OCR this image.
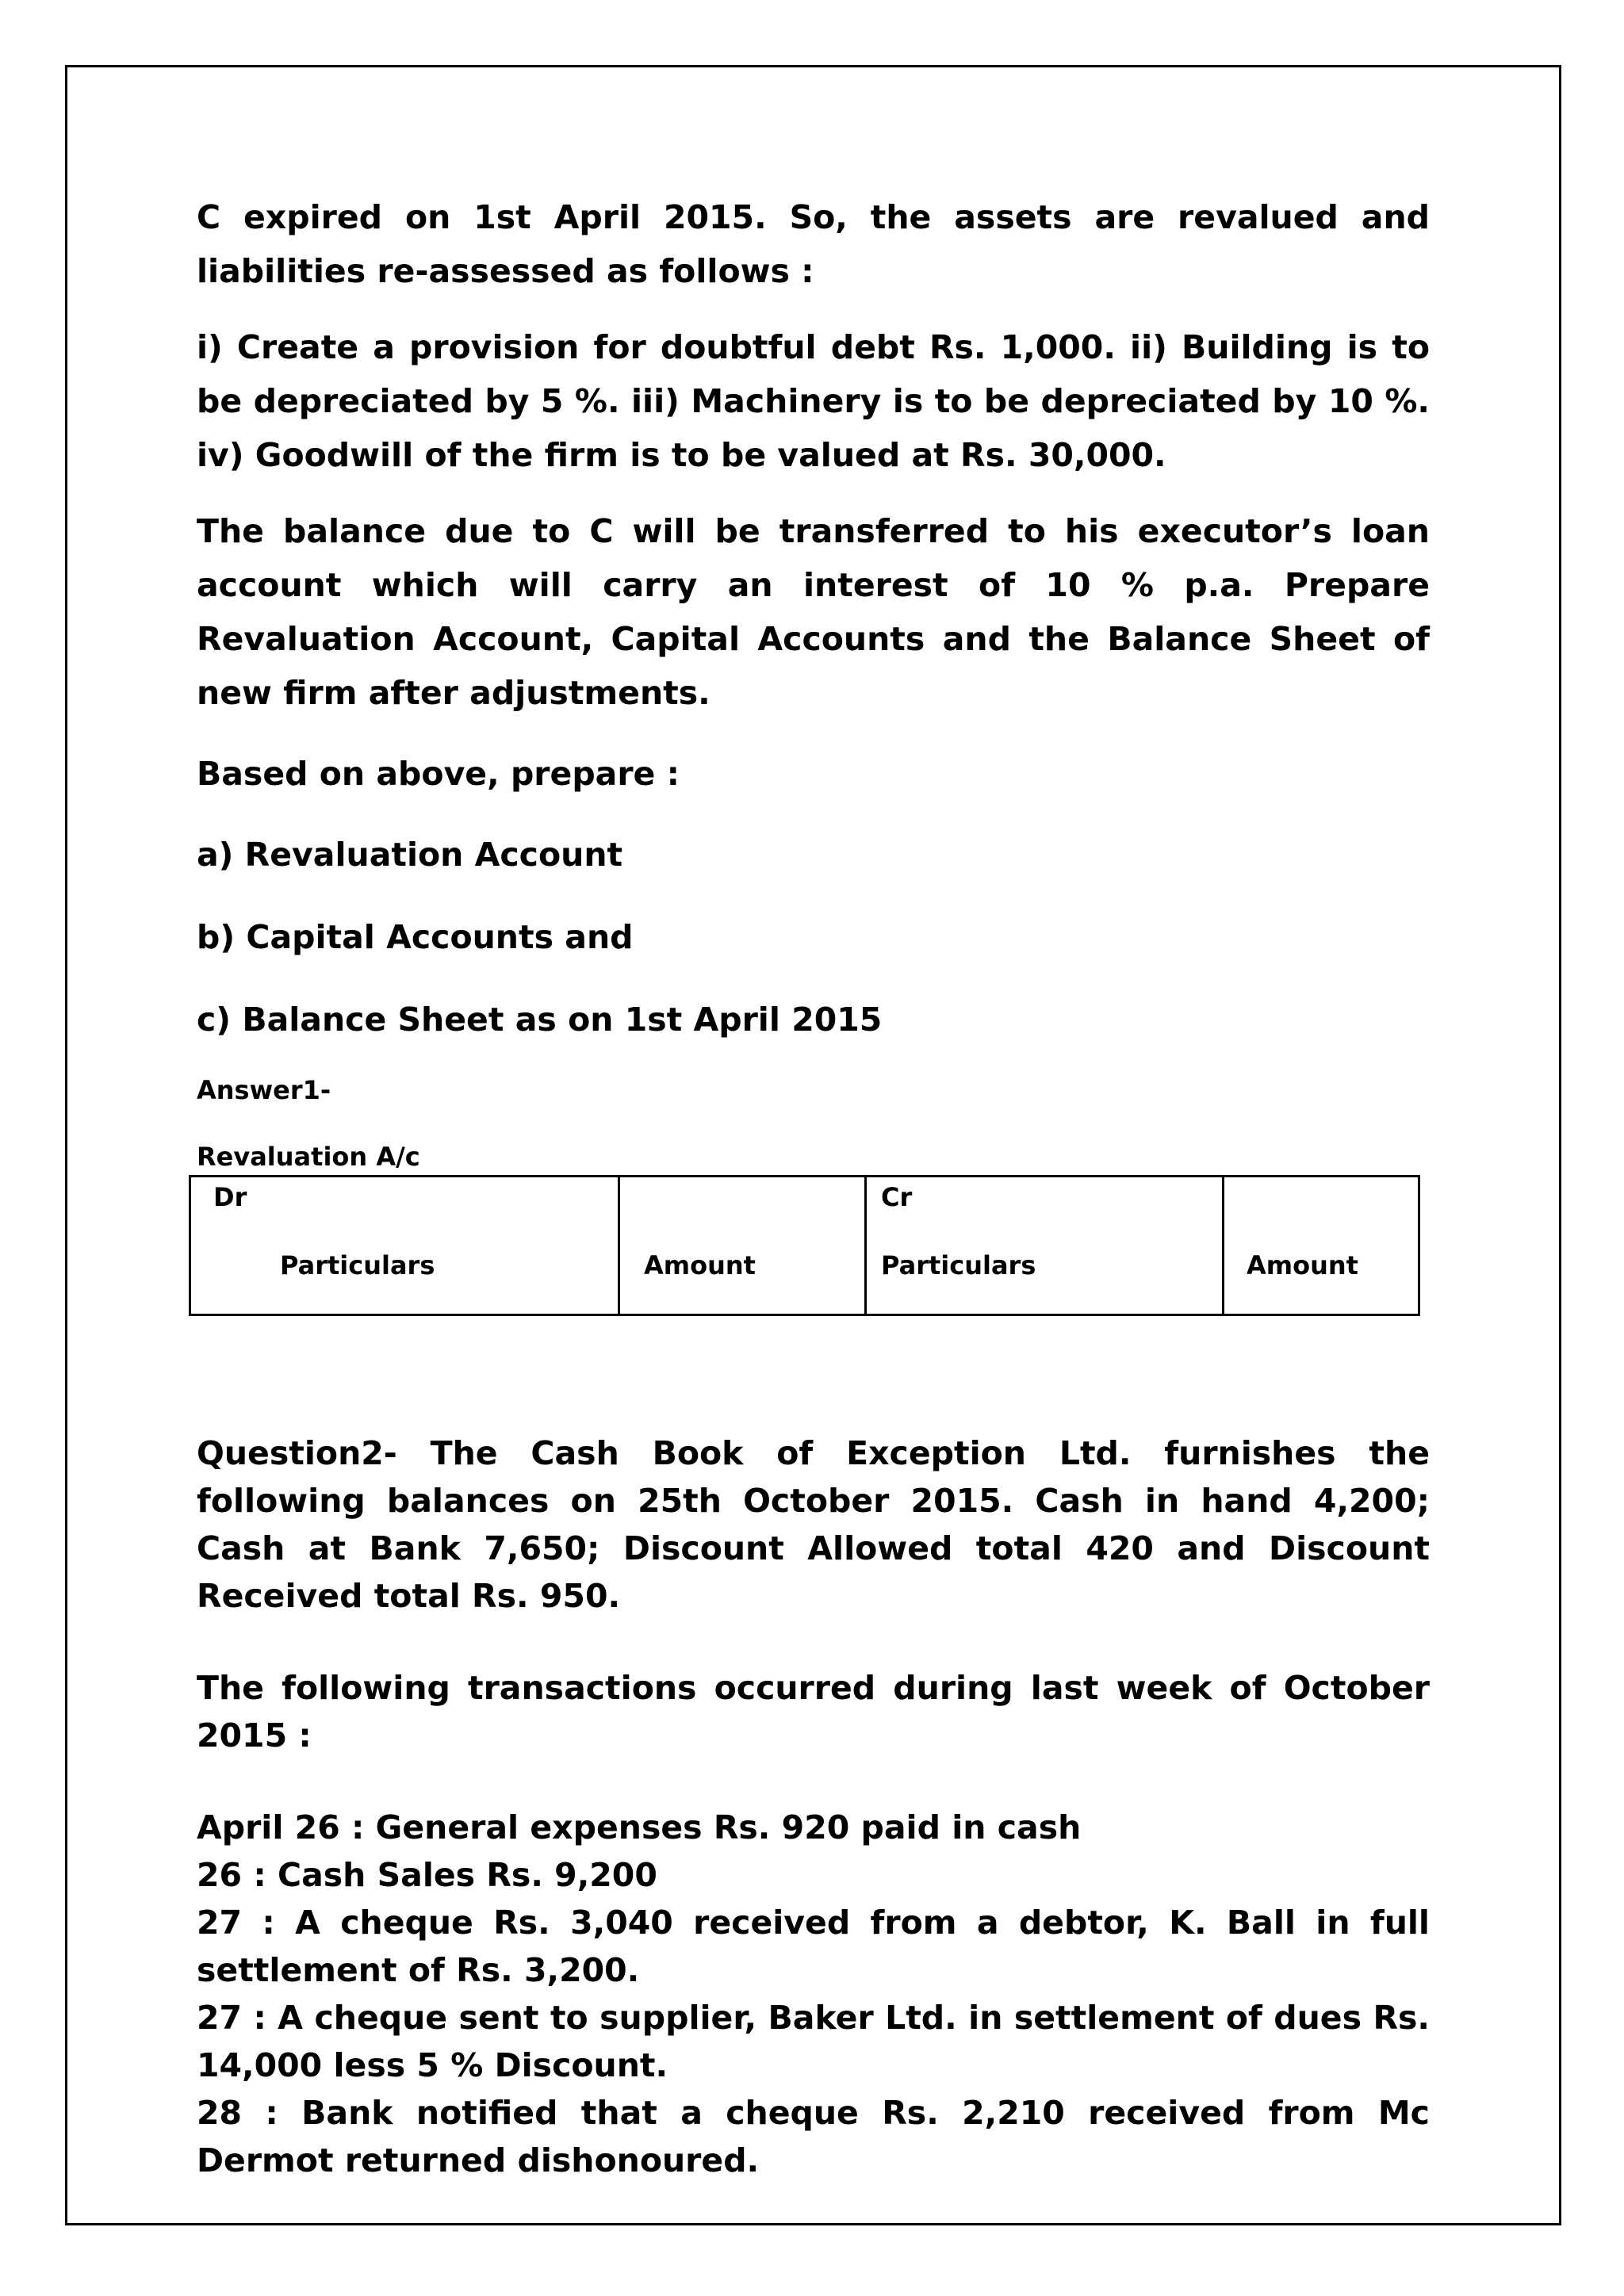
C expired on 1st April 2015. So, the assets are revalued and liabilities re-assessed as follows :

i) Create a provision for doubtful debt Rs. 1,000. ii) Building is to be depreciated by 5 %. iii) Machinery is to be depreciated by 10 %. iv) Goodwill of the firm is to be valued at Rs. 30,000.

The balance due to C will be transferred to his executor’s loan account which will carry an interest of 10 % p.a. Prepare Revaluation Account, Capital Accounts and the Balance Sheet of new firm after adjustments.

Based on above, prepare :

a) Revaluation Account

b) Capital Accounts and

c) Balance Sheet as on 1st April 2015

Answer1-

Revaluation A/c

Dr
Particulars	Amount
Cr
Particulars	Amount

Question2- The Cash Book of Exception Ltd. furnishes the following balances on 25th October 2015. Cash in hand 4,200; Cash at Bank 7,650; Discount Allowed total 420 and Discount Received total Rs. 950.

The following transactions occurred during last week of October 2015 :

April 26 : General expenses Rs. 920 paid in cash

26 : Cash Sales Rs. 9,200

27 : A cheque Rs. 3,040 received from a debtor, K. Ball in full settlement of Rs. 3,200.

27 : A cheque sent to supplier, Baker Ltd. in settlement of dues Rs. 14,000 less 5 % Discount.

28 : Bank notified that a cheque Rs. 2,210 received from Mc Dermot returned dishonoured.
